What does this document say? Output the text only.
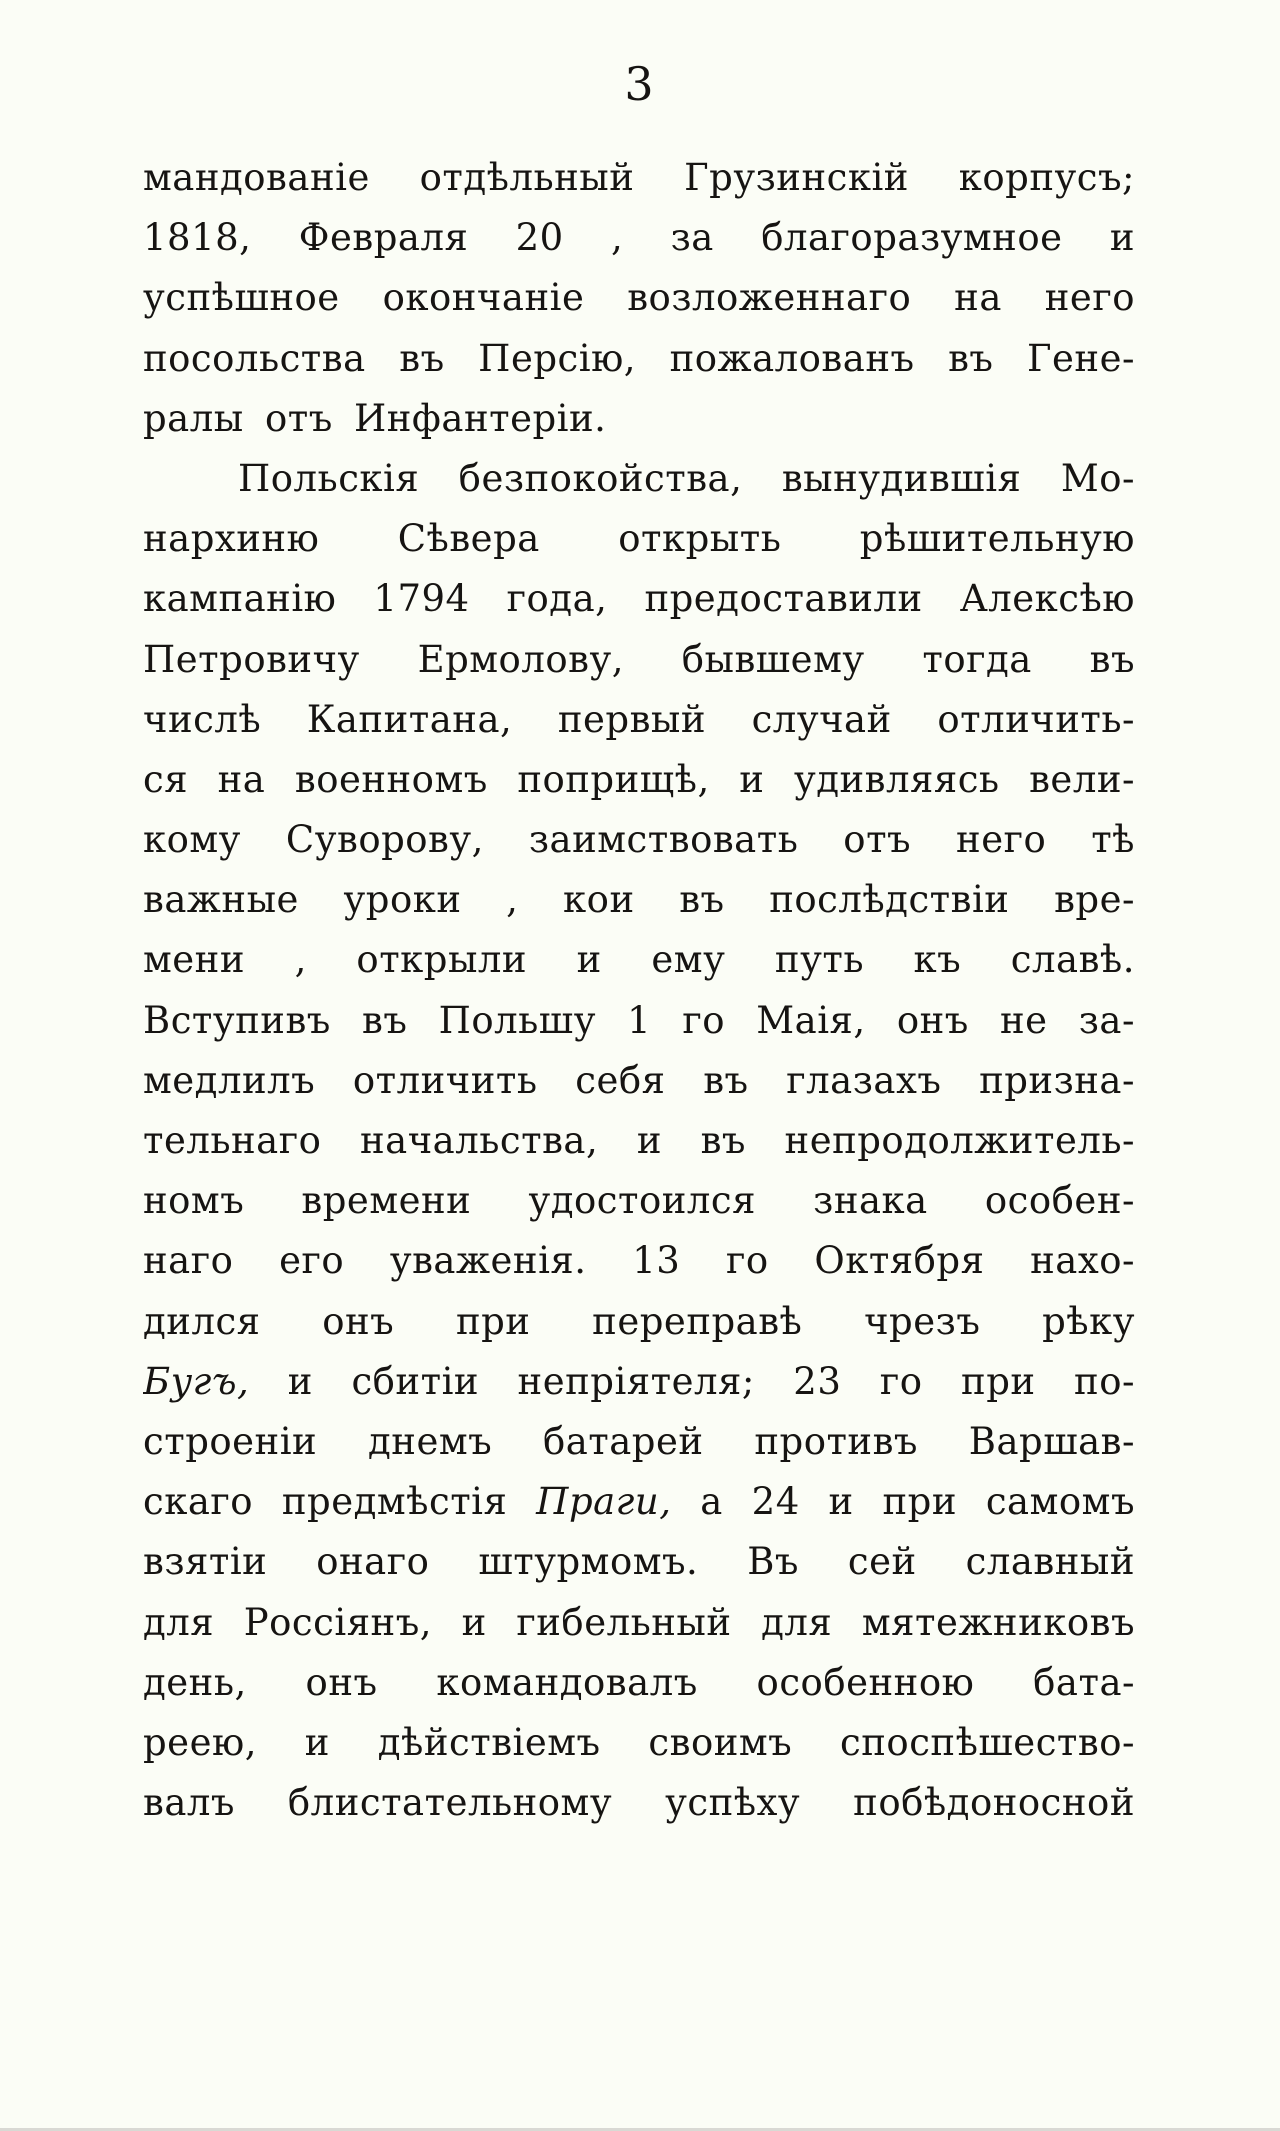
3
мандованіе отдѣльный Грузинскій корпусъ;
1818, Февраля 20 , за благоразумное и
успѣшное окончаніе возложеннаго на него
посольства въ Персію, пожалованъ въ Гене-
ралы отъ Инфантеріи.
Польскія безпокойства, вынудившія Мо-
нархиню Сѣвера открыть рѣшительную
кампанію 1794 года, предоставили Алексѣю
Петровичу Ермолову, бывшему тогда въ
числѣ Капитана, первый случай отличить-
ся на военномъ поприщѣ, и удивляясь вели-
кому Суворову, заимствовать отъ него тѣ
важные уроки , кои въ послѣдствіи вре-
мени , открыли и ему путь къ славѣ.
Вступивъ въ Польшу 1 го Маія, онъ не за-
медлилъ отличить себя въ глазахъ призна-
тельнаго начальства, и въ непродолжитель-
номъ времени удостоился знака особен-
наго его уваженія. 13 го Октября нахо-
дился онъ при переправѣ чрезъ рѣку
Бугъ, и сбитіи непріятеля; 23 го при по-
строеніи днемъ батарей противъ Варшав-
скаго предмѣстія Праги, а 24 и при самомъ
взятіи онаго штурмомъ. Въ сей славный
для Россіянъ, и гибельный для мятежниковъ
день, онъ командовалъ особенною бата-
реею, и дѣйствіемъ своимъ споспѣшество-
валъ блистательному успѣху побѣдоносной
